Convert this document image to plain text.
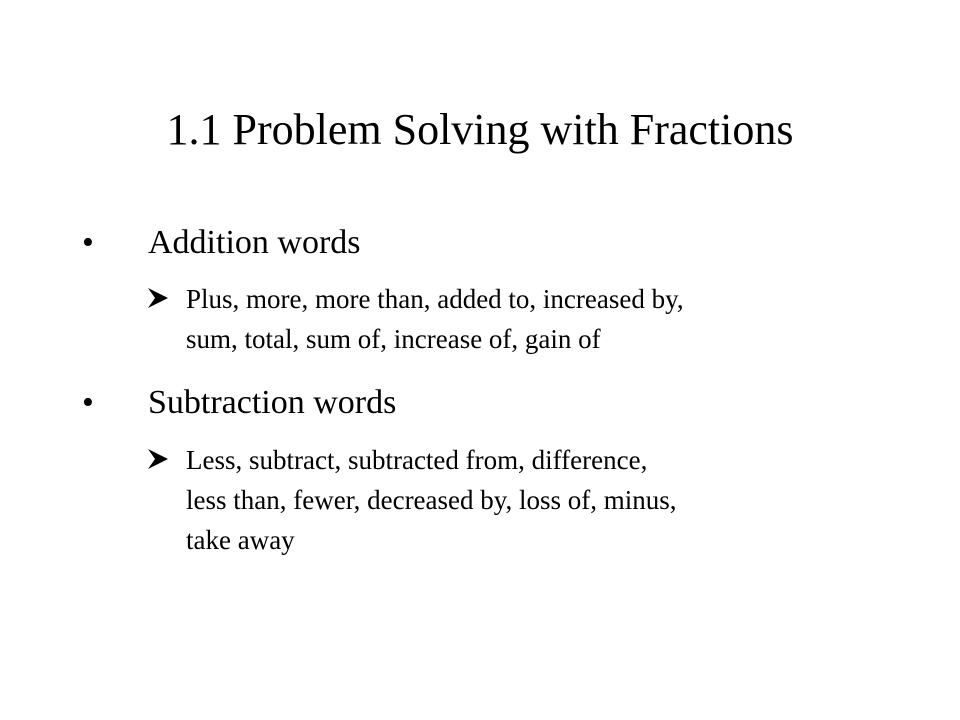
1.1 Problem Solving with Fractions
• Addition words
Plus, more, more than, added to, increased by,
sum, total, sum of, increase of, gain of
• Subtraction words
Less, subtract, subtracted from, difference,
less than, fewer, decreased by, loss of, minus,
take away
